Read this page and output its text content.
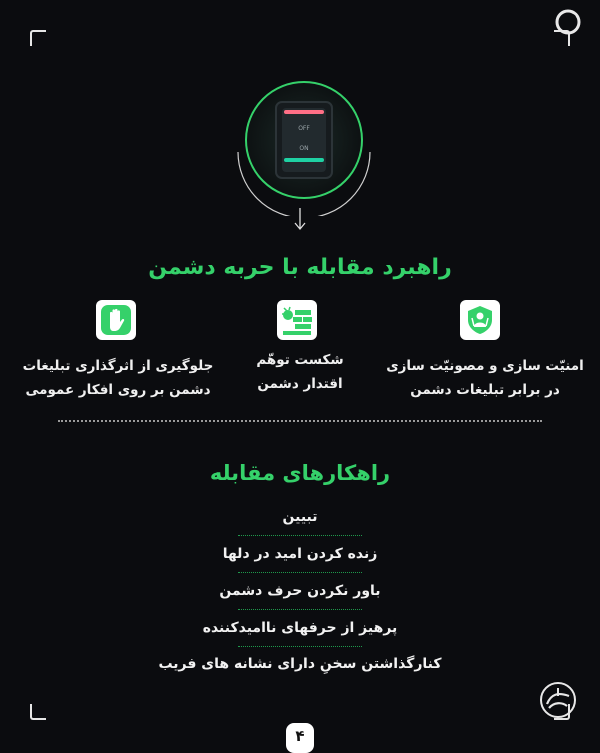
OFF
ON
راهبرد مقابله با حربه دشمن
امنیّت سازی و مصونیّت سازی
در برابر تبلیغات دشمن
شکست توهّم
اقتدار دشمن
جلوگیری از اثرگذاری تبلیغات
دشمن بر روی افکار عمومی
راهکارهای مقابله
تبیین
زنده کردن امید در دلها
باور نکردن حرف دشمن
پرهیز از حرفهای ناامیدکننده
کنارگذاشتن سخنِ دارای نشانه های فریب
۴
